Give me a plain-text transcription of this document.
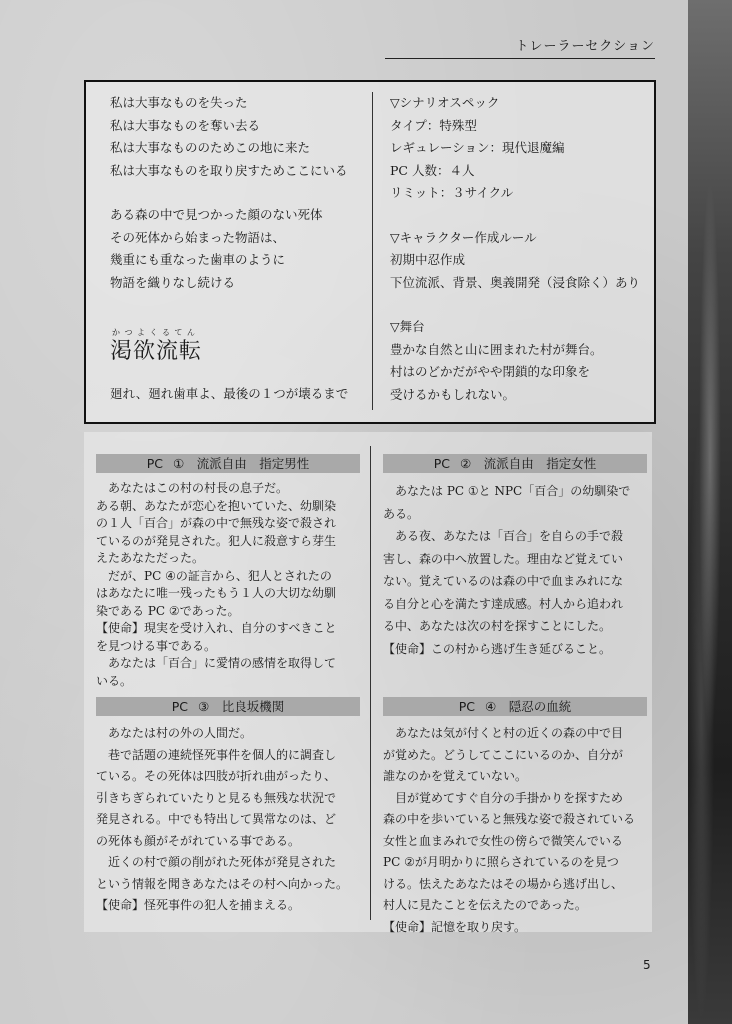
トレーラーセクション
私は大事なものを失った
私は大事なものを奪い去る
私は大事なもののためこの地に来た
私は大事なものを取り戻すためここにいる
ある森の中で見つかった顔のない死体
その死体から始まった物語は、
幾重にも重なった歯車のように
物語を織りなし続ける
かつよくるてん
渇欲流転
廻れ、廻れ歯車よ、最後の１つが壊るまで
▽シナリオスペック
タイプ：特殊型
レギュレーション：現代退魔編
PC 人数：４人
リミット：３サイクル
▽キャラクター作成ルール
初期中忍作成
下位流派、背景、奥義開発（浸食除く）あり
▽舞台
豊かな自然と山に囲まれた村が舞台。
村はのどかだがやや閉鎖的な印象を
受けるかもしれない。
PC ①　流派自由　指定男性
　あなたはこの村の村長の息子だ。
ある朝、あなたが恋心を抱いていた、幼馴染
の１人「百合」が森の中で無残な姿で殺され
ているのが発見された。犯人に殺意すら芽生
えたあなただった。
　だが、PC ④の証言から、犯人とされたの
はあなたに唯一残ったもう１人の大切な幼馴
染である PC ②であった。
【使命】現実を受け入れ、自分のすべきこと
を見つける事である。
　あなたは「百合」に愛情の感情を取得して
いる。
PC ②　流派自由　指定女性
　あなたは PC ①と NPC「百合」の幼馴染で
ある。
　ある夜、あなたは「百合」を自らの手で殺
害し、森の中へ放置した。理由など覚えてい
ない。覚えているのは森の中で血まみれにな
る自分と心を満たす達成感。村人から追われ
る中、あなたは次の村を探すことにした。
【使命】この村から逃げ生き延びること。
PC ③　比良坂機関
　あなたは村の外の人間だ。
　巷で話題の連続怪死事件を個人的に調査し
ている。その死体は四肢が折れ曲がったり、
引きちぎられていたりと見るも無残な状況で
発見される。中でも特出して異常なのは、ど
の死体も顔がそがれている事である。
　近くの村で顔の削がれた死体が発見された
という情報を聞きあなたはその村へ向かった。
【使命】怪死事件の犯人を捕まえる。
PC ④　隠忍の血統
　あなたは気が付くと村の近くの森の中で目
が覚めた。どうしてここにいるのか、自分が
誰なのかを覚えていない。
　目が覚めてすぐ自分の手掛かりを探すため
森の中を歩いていると無残な姿で殺されている
女性と血まみれで女性の傍らで微笑んでいる
PC ②が月明かりに照らされているのを見つ
ける。怯えたあなたはその場から逃げ出し、
村人に見たことを伝えたのであった。
【使命】記憶を取り戻す。
5
